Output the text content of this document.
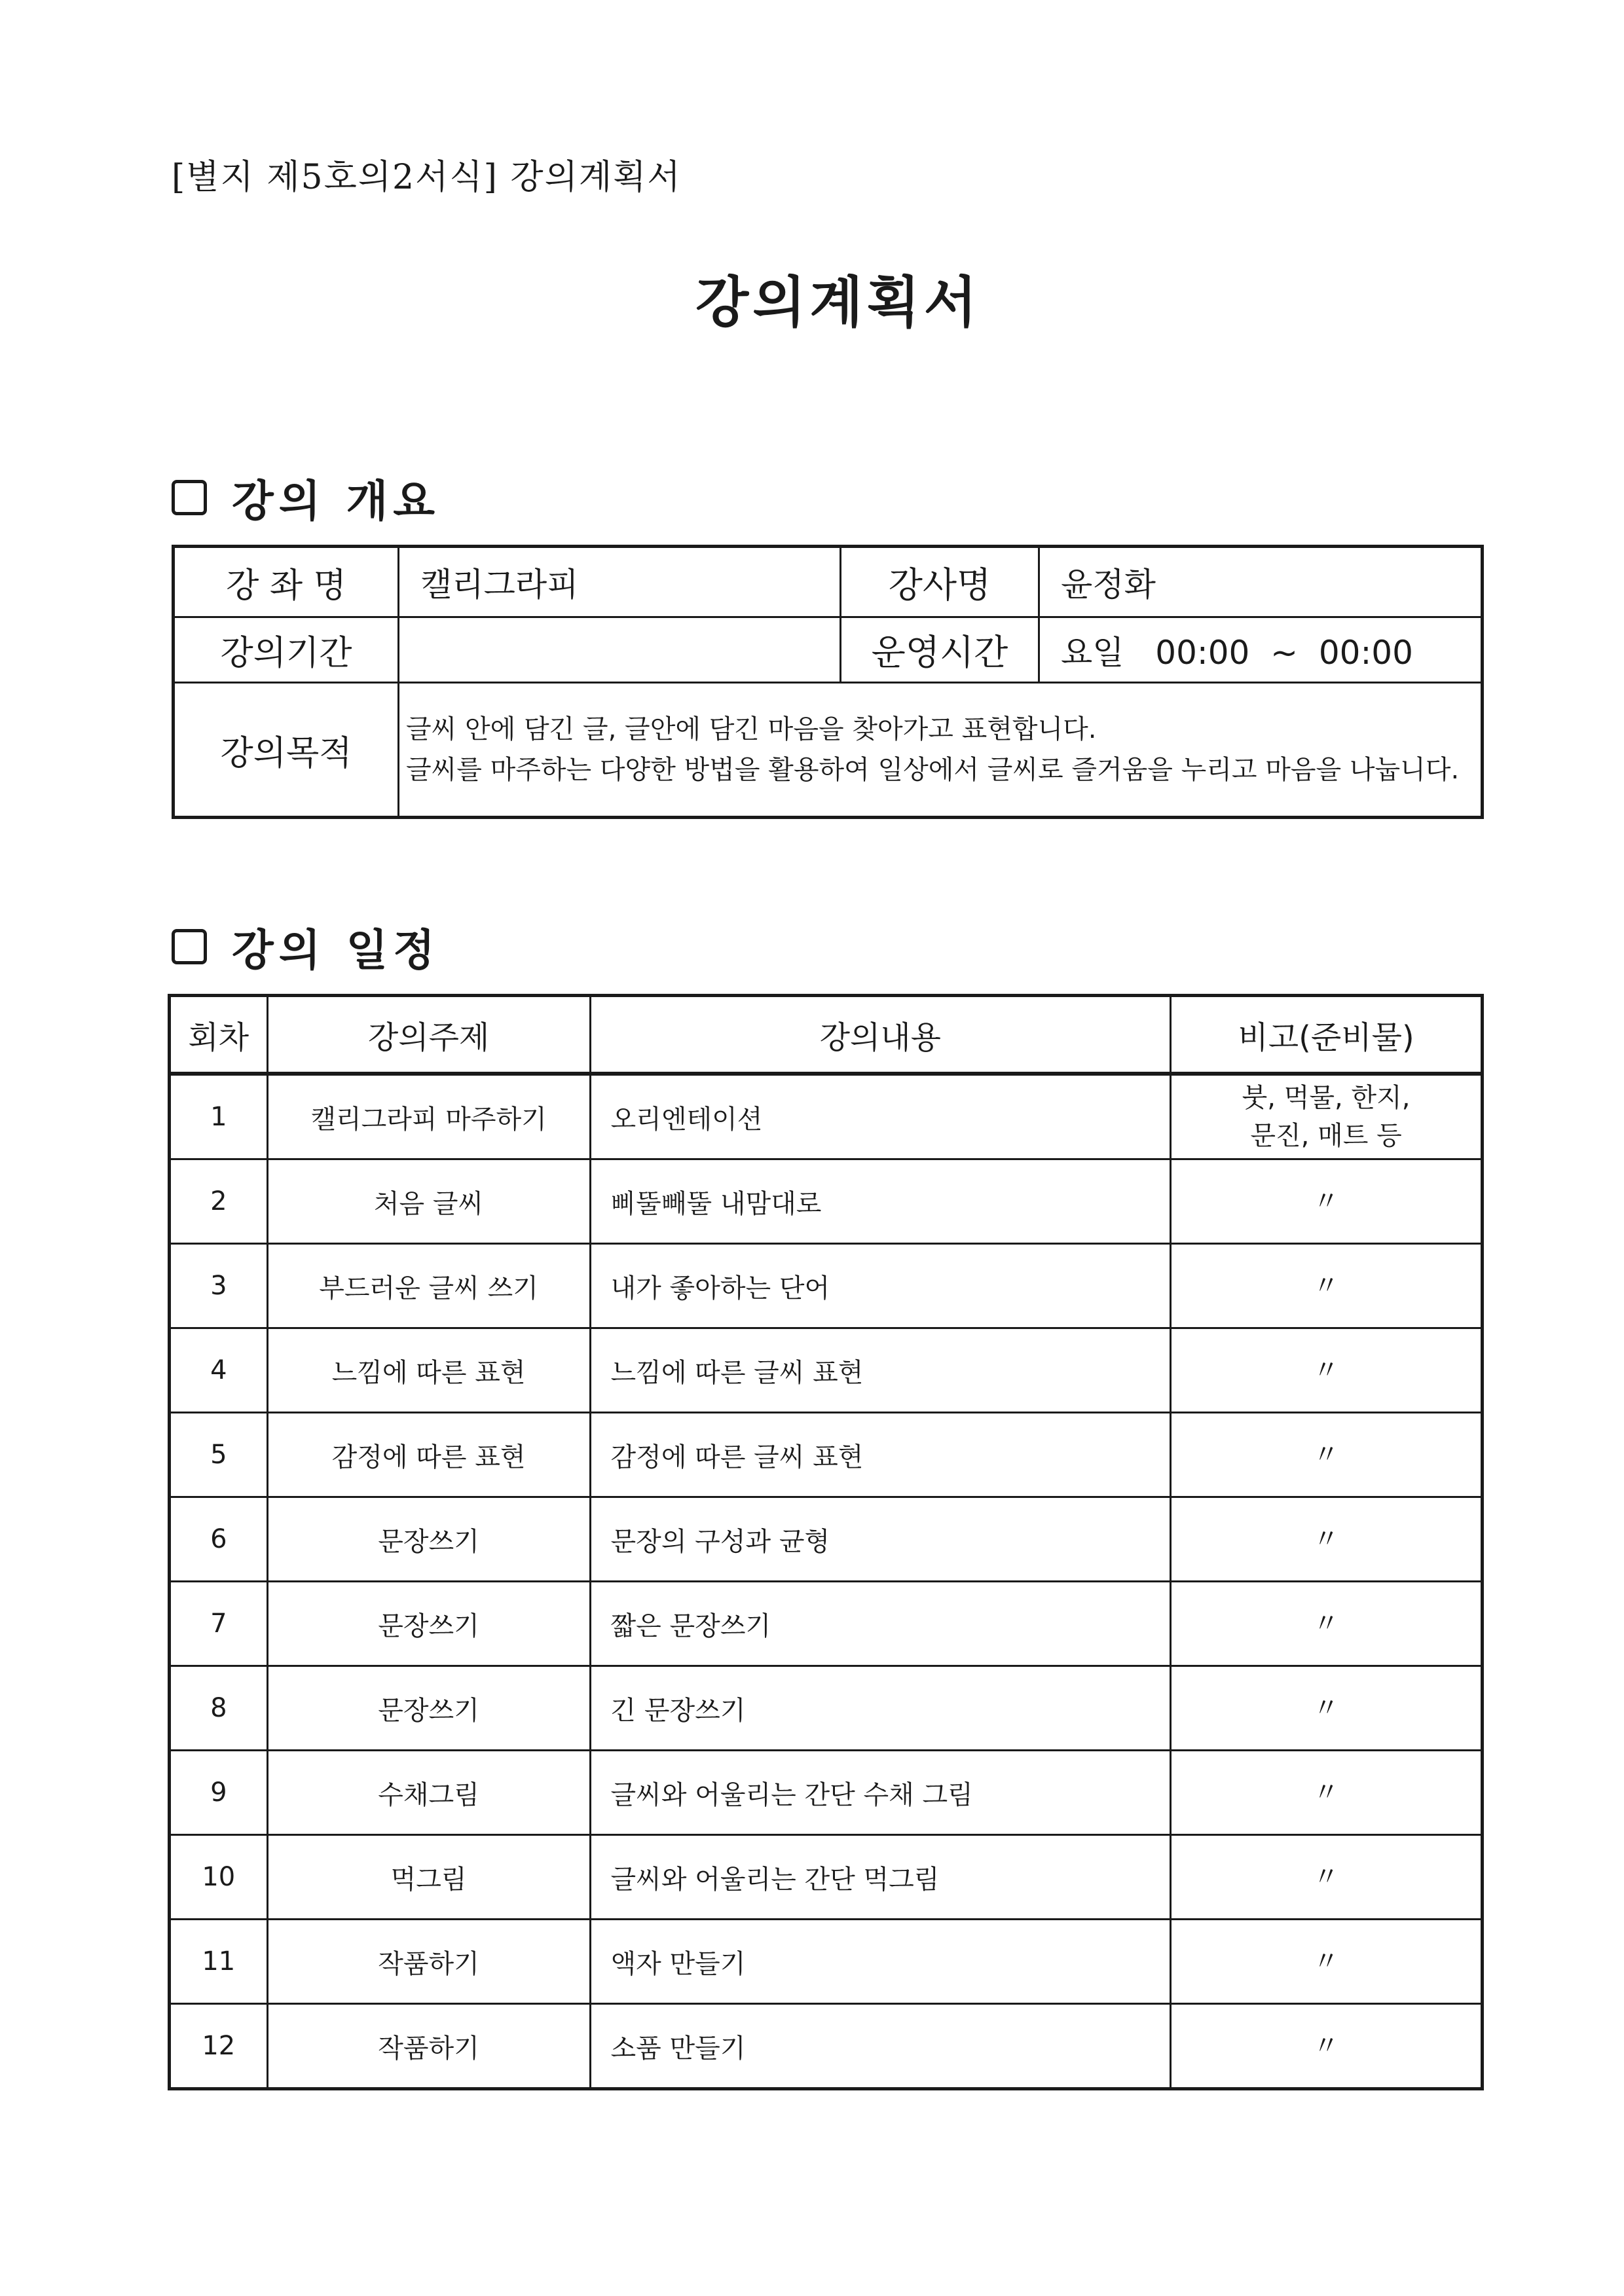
[별지 제5호의2서식] 강의계획서
강의계획서
강의 개요
강 좌 명	캘리그라피	강사명	윤정화
강의기간		운영시간	요일   00:00  ~  00:00
강의목적	글씨 안에 담긴 글, 글안에 담긴 마음을 찾아가고 표현합니다.
글씨를 마주하는 다양한 방법을 활용하여 일상에서 글씨로 즐거움을 누리고 마음을 나눕니다.		
강의 일정
회차	강의주제	강의내용	비고(준비물)
1	캘리그라피 마주하기	오리엔테이션	붓, 먹물, 한지,
문진, 매트 등

2	처음 글씨	삐뚤빼뚤 내맘대로	〃

3	부드러운 글씨 쓰기	내가 좋아하는 단어	〃

4	느낌에 따른 표현	느낌에 따른 글씨 표현	〃

5	감정에 따른 표현	감정에 따른 글씨 표현	〃

6	문장쓰기	문장의 구성과 균형	〃

7	문장쓰기	짧은 문장쓰기	〃

8	문장쓰기	긴 문장쓰기	〃

9	수채그림	글씨와 어울리는 간단 수채 그림	〃

10	먹그림	글씨와 어울리는 간단 먹그림	〃

11	작품하기	액자 만들기	〃

12	작품하기	소품 만들기	〃
